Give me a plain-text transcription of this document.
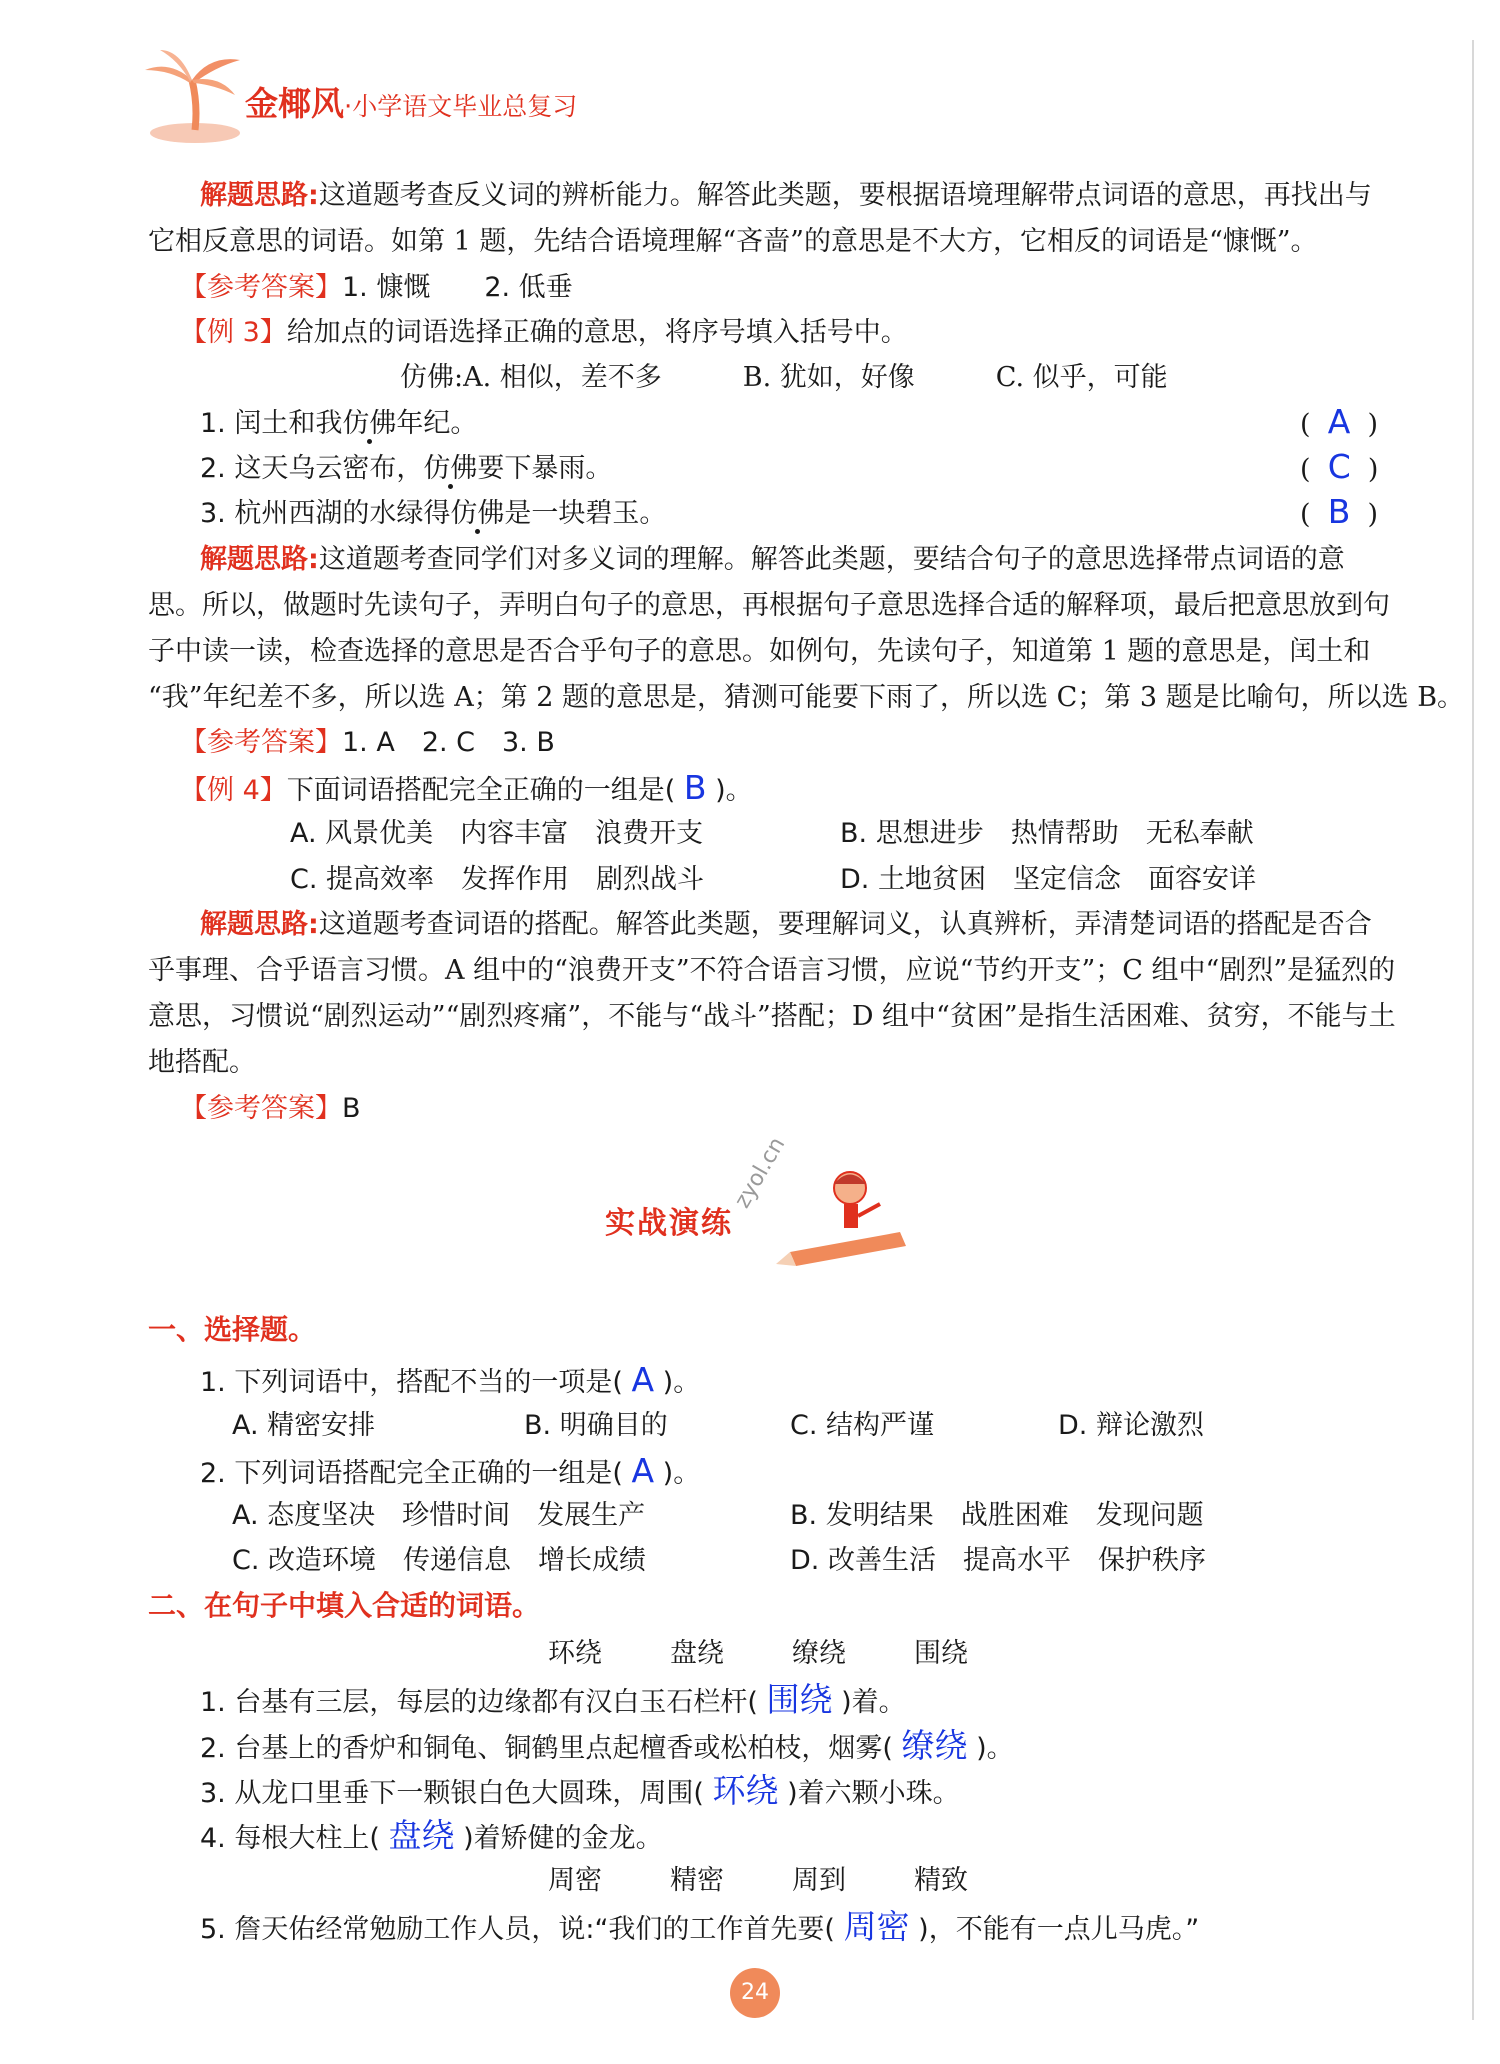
金椰风·小学语文毕业总复习
解题思路:这道题考查反义词的辨析能力。解答此类题，要根据语境理解带点词语的意思，再找出与
它相反意思的词语。如第 1 题，先结合语境理解“吝啬”的意思是不大方，它相反的词语是“慷慨”。
【参考答案】1. 慷慨　　2. 低垂
【例 3】给加点的词语选择正确的意思，将序号填入括号中。
仿佛:A. 相似，差不多　　　B. 犹如，好像　　　C. 似乎，可能
1. 闰土和我仿佛年纪。	(  A  )
2. 这天乌云密布，仿佛要下暴雨。	(  C  )
3. 杭州西湖的水绿得仿佛是一块碧玉。	(  B  )
解题思路:这道题考查同学们对多义词的理解。解答此类题，要结合句子的意思选择带点词语的意
思。所以，做题时先读句子，弄明白句子的意思，再根据句子意思选择合适的解释项，最后把意思放到句
子中读一读，检查选择的意思是否合乎句子的意思。如例句，先读句子，知道第 1 题的意思是，闰土和
“我”年纪差不多，所以选 A；第 2 题的意思是，猜测可能要下雨了，所以选 C；第 3 题是比喻句，所以选 B。
【参考答案】1. A　2. C　3. B
【例 4】下面词语搭配完全正确的一组是( B )。
A. 风景优美　内容丰富　浪费开支	B. 思想进步　热情帮助　无私奉献
C. 提高效率　发挥作用　剧烈战斗	D. 土地贫困　坚定信念　面容安详
解题思路:这道题考查词语的搭配。解答此类题，要理解词义，认真辨析，弄清楚词语的搭配是否合
乎事理、合乎语言习惯。A 组中的“浪费开支”不符合语言习惯，应说“节约开支”；C 组中“剧烈”是猛烈的
意思，习惯说“剧烈运动”“剧烈疼痛”，不能与“战斗”搭配；D 组中“贫困”是指生活困难、贫穷，不能与土
地搭配。
【参考答案】B
实战演练
zyol.cn
一、选择题。
1. 下列词语中，搭配不当的一项是( A )。
A. 精密安排	B. 明确目的	C. 结构严谨	D. 辩论激烈
2. 下列词语搭配完全正确的一组是( A )。
A. 态度坚决　珍惜时间　发展生产	B. 发明结果　战胜困难　发现问题
C. 改造环境　传递信息　增长成绩	D. 改善生活　提高水平　保护秩序
二、在句子中填入合适的词语。
环绕	盘绕	缭绕	围绕
1. 台基有三层，每层的边缘都有汉白玉石栏杆( 围绕 )着。
2. 台基上的香炉和铜龟、铜鹤里点起檀香或松柏枝，烟雾( 缭绕 )。
3. 从龙口里垂下一颗银白色大圆珠，周围( 环绕 )着六颗小珠。
4. 每根大柱上( 盘绕 )着矫健的金龙。
周密	精密	周到	精致
5. 詹天佑经常勉励工作人员，说:“我们的工作首先要( 周密 )，不能有一点儿马虎。”
24
